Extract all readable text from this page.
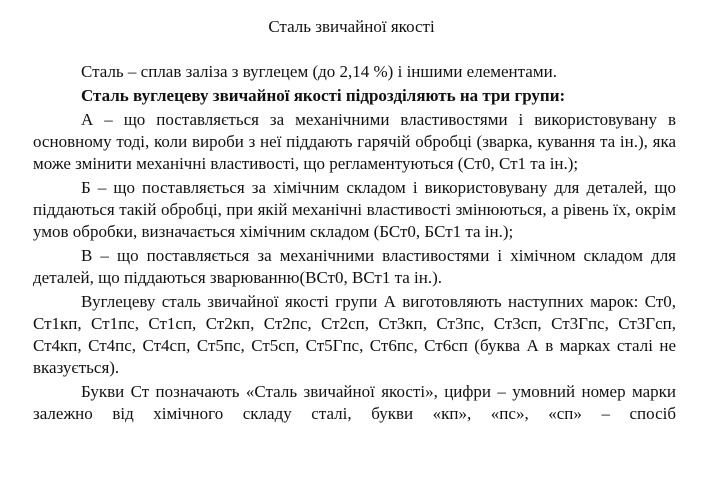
Сталь звичайної якості

Сталь – сплав заліза з вуглецем (до 2,14 %) і іншими елементами.

Сталь вуглецеву звичайної якості підрозділяють на три групи:

А – що поставляється за механічними властивостями і використовувану в основному тоді, коли вироби з неї піддають гарячій обробці (зварка, кування та ін.), яка може змінити механічні властивості, що регламентуються (Ст0, Ст1 та ін.);

Б – що поставляється за хімічним складом і використовувану для деталей, що піддаються такій обробці, при якій механічні властивості змінюються, а рівень їх, окрім умов обробки, визначається хімічним складом (БСт0, БСт1 та ін.);

В – що поставляється за механічними властивостями і хімічном складом для деталей, що піддаються зварюванню(ВСт0, ВСт1 та ін.).

Вуглецеву сталь звичайної якості групи А виготовляють наступних марок: Ст0, Ст1кп, Ст1пс, Ст1сп, Ст2кп, Ст2пс, Ст2сп, Ст3кп, Ст3пс, Ст3сп, Ст3Гпс, Ст3Гсп, Ст4кп, Ст4пс, Ст4сп, Ст5пс, Ст5сп, Ст5Гпс, Ст6пс, Ст6сп (буква А в марках сталі не вказується).

Букви Ст позначають «Сталь звичайної якості», цифри – умовний номер марки залежно від хімічного складу сталі, букви «кп», «пс», «сп» – спосіб
